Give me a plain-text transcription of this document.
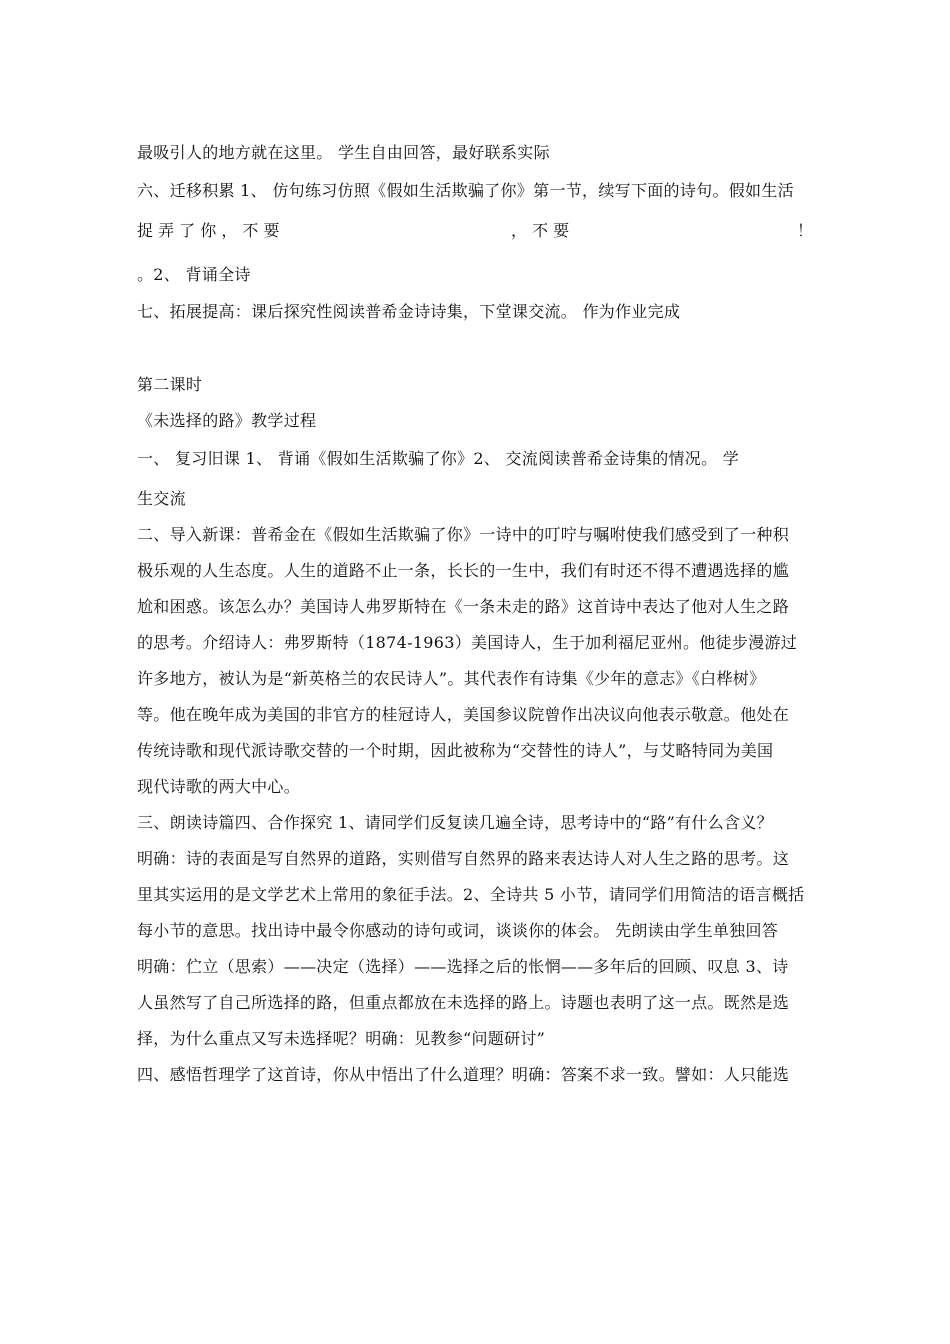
最吸引人的地方就在这里。 学生自由回答，最好联系实际
六、迁移积累 1、 仿句练习仿照《假如生活欺骗了你》第一节，续写下面的诗句。假如生活
捉 弄 了 你 ， 不 要	， 不 要	！
。2、 背诵全诗
七、拓展提高：课后探究性阅读普希金诗诗集，下堂课交流。 作为作业完成
第二课时
《未选择的路》教学过程
一、 复习旧课 1、 背诵《假如生活欺骗了你》2、 交流阅读普希金诗集的情况。 学
生交流
二、导入新课：普希金在《假如生活欺骗了你》一诗中的叮咛与嘱咐使我们感受到了一种积
极乐观的人生态度。人生的道路不止一条，长长的一生中，我们有时还不得不遭遇选择的尴
尬和困惑。该怎么办？美国诗人弗罗斯特在《一条未走的路》这首诗中表达了他对人生之路
的思考。介绍诗人：弗罗斯特（1874-1963）美国诗人，生于加利福尼亚州。他徒步漫游过
许多地方，被认为是“新英格兰的农民诗人”。其代表作有诗集《少年的意志》《白桦树》
等。他在晚年成为美国的非官方的桂冠诗人，美国参议院曾作出决议向他表示敬意。他处在
传统诗歌和现代派诗歌交替的一个时期，因此被称为“交替性的诗人”，与艾略特同为美国
现代诗歌的两大中心。
三、朗读诗篇四、合作探究 1、请同学们反复读几遍全诗，思考诗中的“路”有什么含义？
明确：诗的表面是写自然界的道路，实则借写自然界的路来表达诗人对人生之路的思考。这
里其实运用的是文学艺术上常用的象征手法。2、全诗共 5 小节，请同学们用简洁的语言概括
每小节的意思。找出诗中最令你感动的诗句或词，谈谈你的体会。 先朗读由学生单独回答
明确：伫立（思索）——决定（选择）——选择之后的怅惘——多年后的回顾、叹息 3、诗
人虽然写了自己所选择的路，但重点都放在未选择的路上。诗题也表明了这一点。既然是选
择，为什么重点又写未选择呢？明确：见教参“问题研讨”
四、感悟哲理学了这首诗，你从中悟出了什么道理？明确：答案不求一致。譬如：人只能选
